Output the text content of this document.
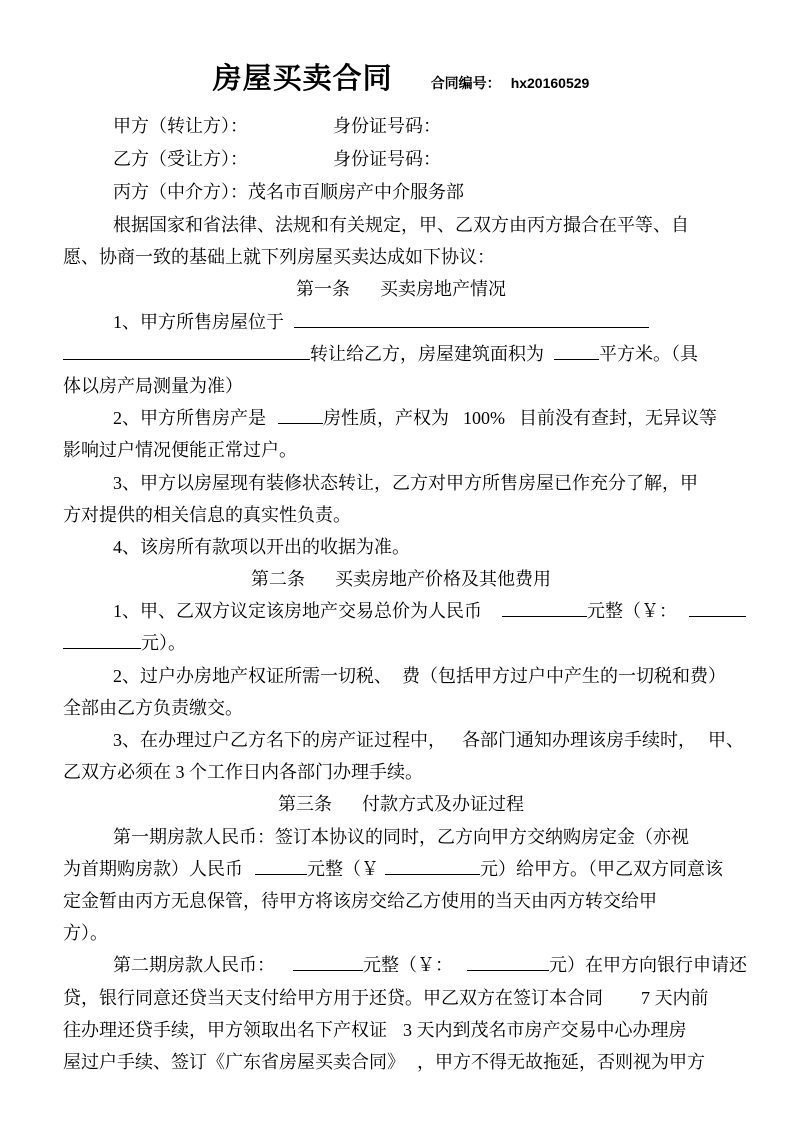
房屋买卖合同	合同编号： hx20160529
甲方（转让方）：	身份证号码：
乙方（受让方）：	身份证号码：
丙方（中介方）：茂名市百顺房产中介服务部
根据国家和省法律、法规和有关规定，甲、乙双方由丙方撮合在平等、自
愿、协商一致的基础上就下列房屋买卖达成如下协议：
第一条 买卖房地产情况
1、甲方所售房屋位于
转让给乙方，房屋建筑面积为	平方米。（具
体以房产局测量为准）
2、甲方所售房产是	房性质，产权为 100% 目前没有查封，无异议等
影响过户情况便能正常过户。
3、甲方以房屋现有装修状态转让，乙方对甲方所售房屋已作充分了解，甲
方对提供的相关信息的真实性负责。
4、该房所有款项以开出的收据为准。
第二条 买卖房地产价格及其他费用
1、甲、乙双方议定该房地产交易总价为人民币	元整（￥：
元）。
2、过户办房地产权证所需一切税、 费（包括甲方过户中产生的一切税和费）
全部由乙方负责缴交。
3、在办理过户乙方名下的房产证过程中， 各部门通知办理该房手续时， 甲、
乙双方必须在 3 个工作日内各部门办理手续。
第三条 付款方式及办证过程
第一期房款人民币：签订本协议的同时，乙方向甲方交纳购房定金（亦视
为首期购房款）人民币	元整（￥	元）给甲方。（甲乙双方同意该
定金暂由丙方无息保管，待甲方将该房交给乙方使用的当天由丙方转交给甲
方）。
第二期房款人民币：	元整（￥：	元）在甲方向银行申请还
贷，银行同意还贷当天支付给甲方用于还贷。甲乙双方在签订本合同 7 天内前
往办理还贷手续，甲方领取出名下产权证 3 天内到茂名市房产交易中心办理房
屋过户手续、签订《广东省房屋买卖合同》 ，甲方不得无故拖延，否则视为甲方
